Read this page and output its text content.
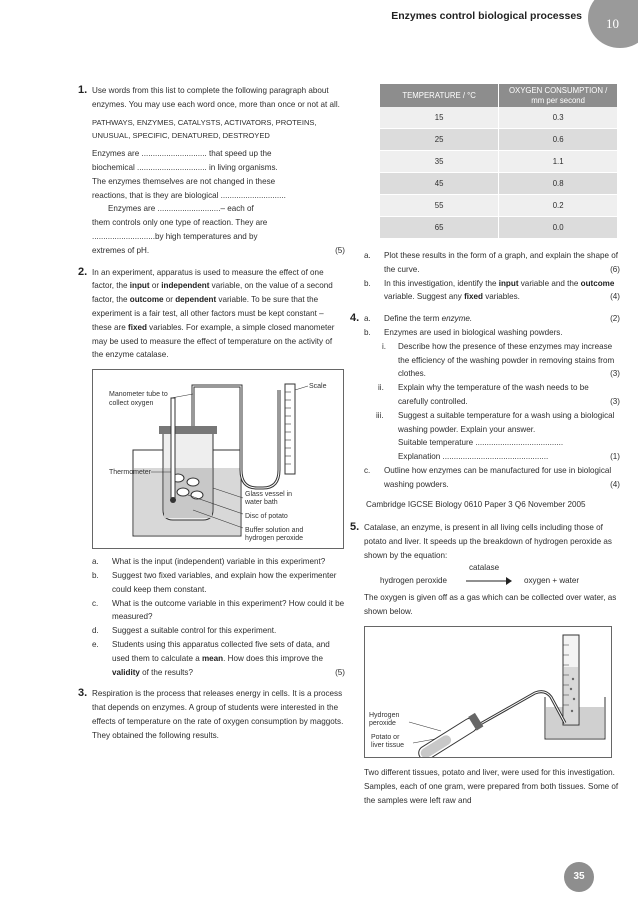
Enzymes control biological processes	10
1. Use words from this list to complete the following paragraph about enzymes. You may use each word once, more than once or not at all.
PATHWAYS, ENZYMES, CATALYSTS, ACTIVATORS, PROTEINS, UNUSUAL, SPECIFIC, DENATURED, DESTROYED
Enzymes are ............................. that speed up the
biochemical ............................... in living organisms.
The enzymes themselves are not changed in these
reactions, that is they are biological .............................
Enzymes are ............................– each of
them controls only one type of reaction. They are
............................by high temperatures and by
extremes of pH.	(5)
2. In an experiment, apparatus is used to measure the effect of one factor, the input or independent variable, on the value of a second factor, the outcome or dependent variable. To be sure that the experiment is a fair test, all other factors must be kept constant – these are fixed variables. For example, a simple closed manometer may be used to measure the effect of temperature on the activity of the enzyme catalase.
Scale
Manometer tube to
collect oxygen
Thermometer
Glass vessel in
water bath
Disc of potato
Buffer solution and
hydrogen peroxide
a. What is the input (independent) variable in this experiment?
b. Suggest two fixed variables, and explain how the experimenter could keep them constant.
c. What is the outcome variable in this experiment? How could it be measured?
d. Suggest a suitable control for this experiment.
e. Students using this apparatus collected five sets of data, and used them to calculate a mean. How does this improve the validity of the results?	(5)
3. Respiration is the process that releases energy in cells. It is a process that depends on enzymes. A group of students were interested in the effects of temperature on the rate of oxygen consumption by maggots. They obtained the following results.
TEMPERATURE / °C	OXYGEN CONSUMPTION /
mm per second
15	0.3
25	0.6
35	1.1
45	0.8
55	0.2
65	0.0
a. Plot these results in the form of a graph, and explain the shape of the curve.	(6)
b. In this investigation, identify the input variable and the outcome variable. Suggest any fixed variables.	(4)
4. a. Define the term enzyme.	(2)
b. Enzymes are used in biological washing powders.
i. Describe how the presence of these enzymes may increase the efficiency of the washing powder in removing stains from clothes.	(3)
ii. Explain why the temperature of the wash needs to be carefully controlled.	(3)
iii. Suggest a suitable temperature for a wash using a biological washing powder. Explain your answer.
Suitable temperature .......................................
Explanation ...............................................	(1)
c. Outline how enzymes can be manufactured for use in biological washing powders.	(4)
Cambridge IGCSE Biology 0610 Paper 3 Q6 November 2005
5. Catalase, an enzyme, is present in all living cells including those of potato and liver. It speeds up the breakdown of hydrogen peroxide as shown by the equation:
catalase
hydrogen peroxide	oxygen + water
The oxygen is given off as a gas which can be collected over water, as shown below.
Hydrogen
peroxide
Potato or
liver tissue
Two different tissues, potato and liver, were used for this investigation. Samples, each of one gram, were prepared from both tissues. Some of the samples were left raw and
35
